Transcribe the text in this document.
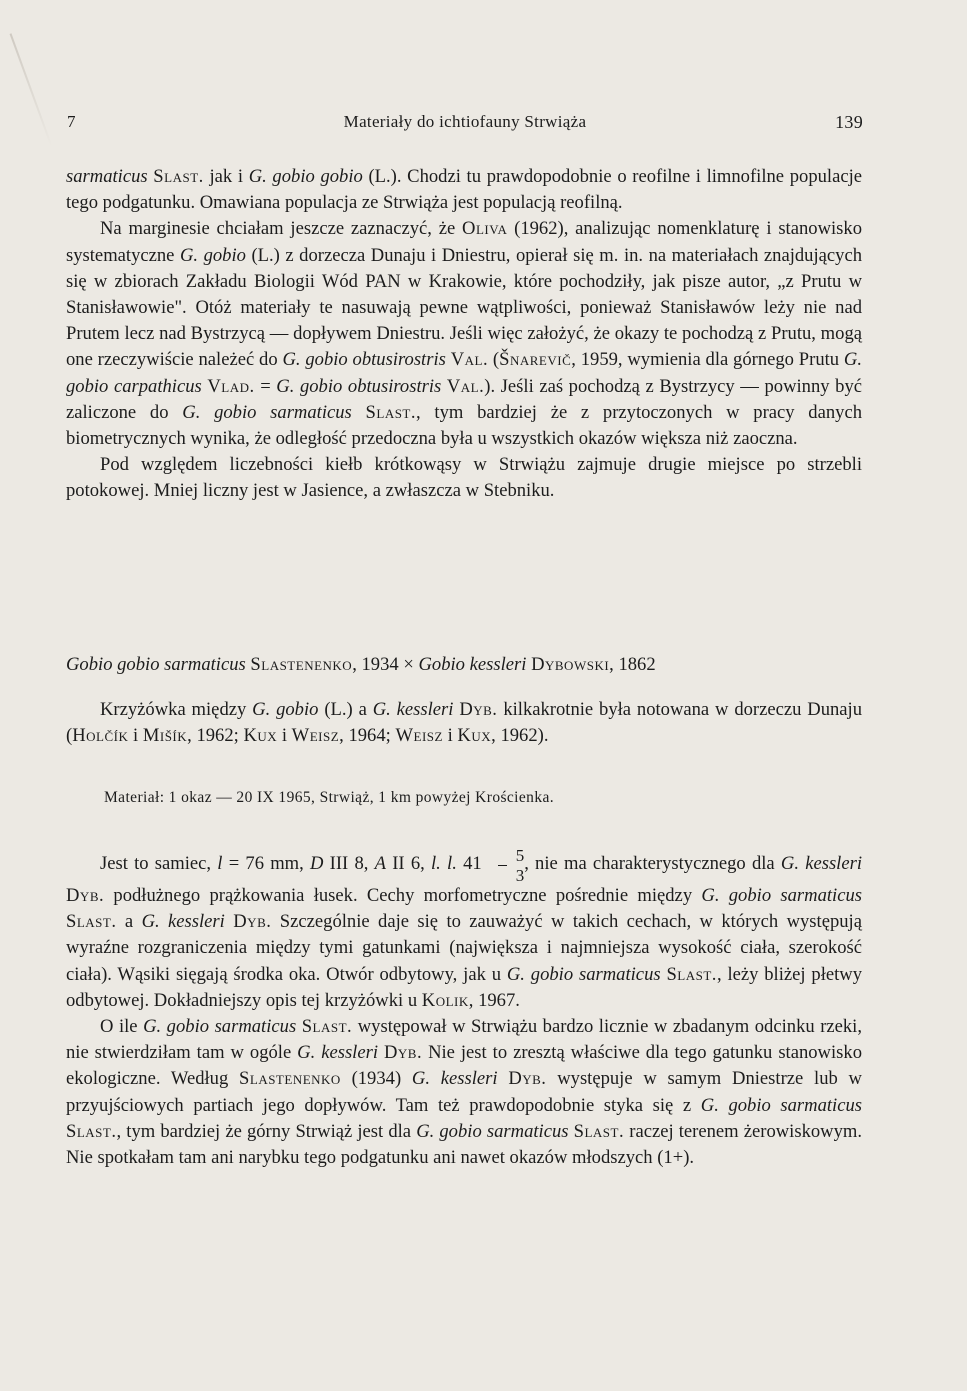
7	Materiały do ichtiofauny Strwiąża	139

sarmaticus Slast. jak i G. gobio gobio (L.). Chodzi tu prawdopodobnie o reofilne i limnofilne populacje tego podgatunku. Omawiana populacja ze Strwiąża jest populacją reofilną.

Na marginesie chciałam jeszcze zaznaczyć, że Oliva (1962), analizując nomenklaturę i stanowisko systematyczne G. gobio (L.) z dorzecza Dunaju i Dniestru, opierał się m. in. na materiałach znajdujących się w zbiorach Zakładu Biologii Wód PAN w Krakowie, które pochodziły, jak pisze autor, „z Prutu w Stanisławowie". Otóż materiały te nasuwają pewne wątpliwości, ponieważ Stanisławów leży nie nad Prutem lecz nad Bystrzycą — dopływem Dniestru. Jeśli więc założyć, że okazy te pochodzą z Prutu, mogą one rzeczywiście należeć do G. gobio obtusirostris Val. (Šnarevič, 1959, wymienia dla górnego Prutu G. gobio carpathicus Vlad. = G. gobio obtusirostris Val.). Jeśli zaś pochodzą z Bystrzycy — powinny być zaliczone do G. gobio sarmaticus Slast., tym bardziej że z przytoczonych w pracy danych biometrycznych wynika, że odległość przedoczna była u wszystkich okazów większa niż zaoczna.

Pod względem liczebności kiełb krótkowąsy w Strwiążu zajmuje drugie miejsce po strzebli potokowej. Mniej liczny jest w Jasience, a zwłaszcza w Stebniku.

Gobio gobio sarmaticus Slastenenko, 1934 × Gobio kessleri Dybowski, 1862

Krzyżówka między G. gobio (L.) a G. kessleri Dyb. kilkakrotnie była notowana w dorzeczu Dunaju (Holčík i Mišík, 1962; Kux i Weisz, 1964; Weisz i Kux, 1962).

Materiał: 1 okaz — 20 IX 1965, Strwiąż, 1 km powyżej Krościenka.

Jest to samiec, l = 76 mm, D III 8, A II 6, l. l. $41 \frac{5}{3}$ , nie ma charakterystycznego dla G. kessleri Dyb. podłużnego prążkowania łusek. Cechy morfometryczne pośrednie między G. gobio sarmaticus Slast. a G. kessleri Dyb. Szczególnie daje się to zauważyć w takich cechach, w których występują wyraźne rozgraniczenia między tymi gatunkami (największa i najmniejsza wysokość ciała, szerokość ciała). Wąsiki sięgają środka oka. Otwór odbytowy, jak u G. gobio sarmaticus Slast., leży bliżej płetwy odbytowej. Dokładniejszy opis tej krzyżówki u Kolik, 1967.

O ile G. gobio sarmaticus Slast. występował w Strwiążu bardzo licznie w zbadanym odcinku rzeki, nie stwierdziłam tam w ogóle G. kessleri Dyb. Nie jest to zresztą właściwe dla tego gatunku stanowisko ekologiczne. Według Slastenenko (1934) G. kessleri Dyb. występuje w samym Dniestrze lub w przyujściowych partiach jego dopływów. Tam też prawdopodobnie styka się z G. gobio sarmaticus Slast., tym bardziej że górny Strwiąż jest dla G. gobio sarmaticus Slast. raczej terenem żerowiskowym. Nie spotkałam tam ani narybku tego podgatunku ani nawet okazów młodszych (1+).
